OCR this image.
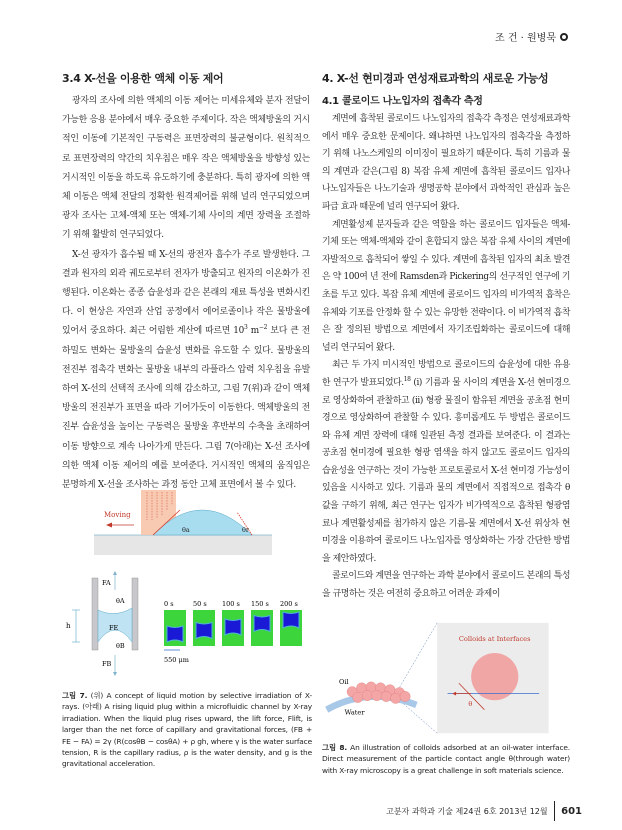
조 건 · 원병묵
3.4 X-선을 이용한 액체 이동 제어

광자의 조사에 의한 액체의 이동 제어는 미세유체와 분자 전달이 가능한 응용 분야에서 매우 중요한 주제이다. 작은 액체방울의 거시적인 이동에 기본적인 구동력은 표면장력의 불균형이다. 원칙적으로 표면장력의 약간의 치우침은 매우 작은 액체방울을 방향성 있는 거시적인 이동을 하도록 유도하기에 충분하다. 특히 광자에 의한 액체 이동은 액체 전달의 정확한 원격제어를 위해 널리 연구되었으며 광자 조사는 고체-액체 또는 액체-기체 사이의 계면 장력을 조절하기 위해 활발히 연구되었다.

X-선 광자가 흡수될 때 X-선의 광전자 흡수가 주로 발생한다. 그 결과 원자의 외곽 궤도로부터 전자가 방출되고 원자의 이온화가 진행된다. 이온화는 종종 습윤성과 같은 본래의 재료 특성을 변화시킨다. 이 현상은 자연과 산업 공정에서 에어로졸이나 작은 물방울에 있어서 중요하다. 최근 어림한 계산에 따르면 $10^3$ $m^{-2}$ 보다 큰 전하밀도 변화는 물방울의 습윤성 변화를 유도할 수 있다. 물방울의 전진부 접촉각 변화는 물방울 내부의 라플라스 압력 치우침을 유발하여 X-선의 선택적 조사에 의해 감소하고, 그림 7(위)과 같이 액체방울의 전진부가 표면을 따라 기어가듯이 이동한다. 액체방울의 전진부 습윤성을 높이는 구동력은 물방울 후반부의 수축을 초래하여 이동 방향으로 계속 나아가게 만든다. 그림 7(아래)는 X-선 조사에 의한 액체 이동 제어의 예를 보여준다. 거시적인 액체의 움직임은 분명하게 X-선을 조사하는 과정 동안 고체 표면에서 볼 수 있다.

4. X-선 현미경과 연성재료과학의 새로운 가능성
4.1 콜로이드 나노입자의 접촉각 측정

계면에 흡착된 콜로이드 나노입자의 접촉각 측정은 연성재료과학에서 매우 중요한 문제이다. 왜냐하면 나노입자의 접촉각을 측정하기 위해 나노스케일의 이미징이 필요하기 때문이다. 특히 기름과 물의 계면과 같은(그림 8) 복잡 유체 계면에 흡착된 콜로이드 입자나 나노입자들은 나노기술과 생명공학 분야에서 과학적인 관심과 높은 파급 효과 때문에 널리 연구되어 왔다.

계면활성제 분자들과 같은 역할을 하는 콜로이드 입자들은 액체-기체 또는 액체-액체와 같이 혼합되지 않은 복잡 유체 사이의 계면에 자발적으로 흡착되어 쌓일 수 있다. 계면에 흡착된 입자의 최초 발견은 약 100여 년 전에 Ramsden과 Pickering의 선구적인 연구에 기초를 두고 있다. 복잡 유체 계면에 콜로이드 입자의 비가역적 흡착은 유체와 기포를 안정화 할 수 있는 유망한 전략이다. 이 비가역적 흡착은 잘 정의된 방법으로 계면에서 자기조립화하는 콜로이드에 대해 널리 연구되어 왔다.

최근 두 가지 미시적인 방법으로 콜로이드의 습윤성에 대한 유용한 연구가 발표되었다.$^{18}$ (i) 기름과 물 사이의 계면을 X-선 현미경으로 영상화하여 관찰하고 (ii) 형광 물질이 함유된 계면을 공초점 현미경으로 영상화하여 관찰할 수 있다. 흥미롭게도 두 방법은 콜로이드와 유체 계면 장력에 대해 일관된 측정 결과를 보여준다. 이 결과는 공초점 현미경에 필요한 형광 염색을 하지 않고도 콜로이드 입자의 습윤성을 연구하는 것이 가능한 프로토콜로서 X-선 현미경 가능성이 있음을 시사하고 있다. 기름과 물의 계면에서 직접적으로 접촉각 θ 값을 구하기 위해, 최근 연구는 입자가 비가역적으로 흡착된 형광염료나 계면활성제를 첨가하지 않은 기름-물 계면에서 X-선 위상차 현미경을 이용하여 콜로이드 나노입자를 영상화하는 가장 간단한 방법을 제안하였다.

콜로이드와 계면을 연구하는 과학 분야에서 콜로이드 본래의 특성을 규명하는 것은 여전히 중요하고 어려운 과제이

Moving
θa	θr
FA
θA
FE
θB
FB
h
0 s	50 s 100 s 150 s 200 s
550 μm
그림 7. (위) A concept of liquid motion by selective irradiation of X-rays. (아래) A rising liquid plug within a microfluidic channel by X-ray irradiation. When the liquid plug rises upward, the lift force, Flift, is larger than the net force of capillary and gravitational forces, (FB + FE − FA) = 2γ (R(cosθB − cosθA) + ρ gh, where γ is the water surface tension, R is the capillary radius, ρ is the water density, and g is the gravitational acceleration.
Oil
Water
Colloids at Interfaces
θ
그림 8. An illustration of colloids adsorbed at an oil-water interface. Direct measurement of the particle contact angle θ(through water) with X-ray microscopy is a great challenge in soft materials science.
고분자 과학과 기술 제24권 6호 2013년 12월 601
